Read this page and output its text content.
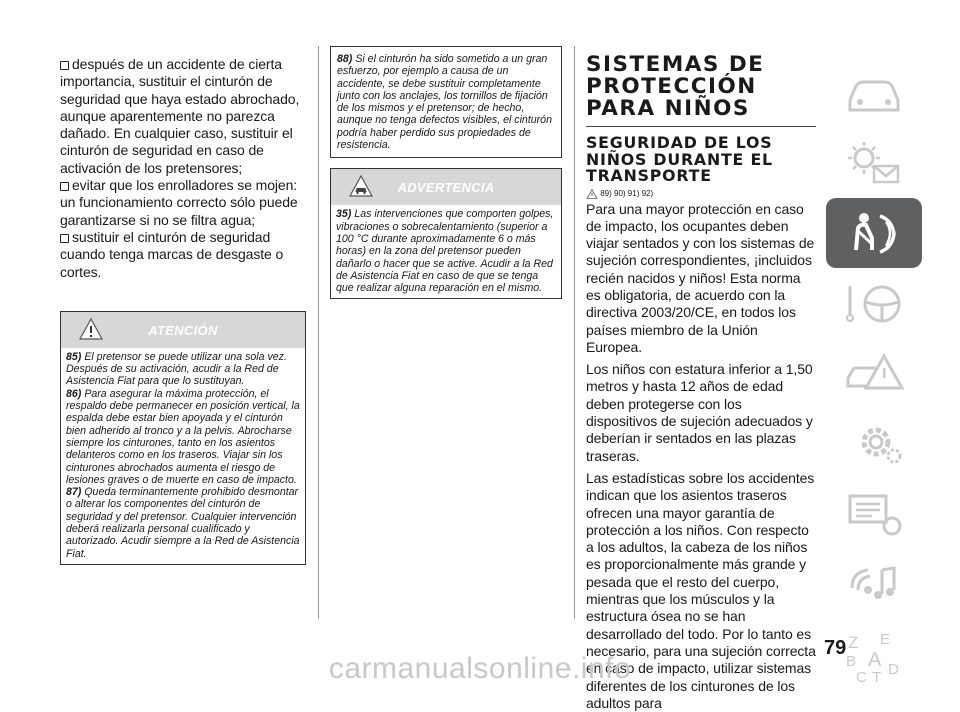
después de un accidente de cierta importancia, sustituir el cinturón de seguridad que haya estado abrochado, aunque aparentemente no parezca dañado. En cualquier caso, sustituir el cinturón de seguridad en caso de activación de los pretensores;
evitar que los enrolladores se mojen: un funcionamiento correcto sólo puede garantizarse si no se filtra agua;
sustituir el cinturón de seguridad cuando tenga marcas de desgaste o cortes.
ATENCIÓN

85) El pretensor se puede utilizar una sola vez. Después de su activación, acudir a la Red de Asistencia Fiat para que lo sustituyan.

86) Para asegurar la máxima protección, el respaldo debe permanecer en posición vertical, la espalda debe estar bien apoyada y el cinturón bien adherido al tronco y a la pelvis. Abrocharse siempre los cinturones, tanto en los asientos delanteros como en los traseros. Viajar sin los cinturones abrochados aumenta el riesgo de lesiones graves o de muerte en caso de impacto.

87) Queda terminantemente prohibido desmontar o alterar los componentes del cinturón de seguridad y del pretensor. Cualquier intervención deberá realizarla personal cualificado y autorizado. Acudir siempre a la Red de Asistencia Fiat.

88) Si el cinturón ha sido sometido a un gran esfuerzo, por ejemplo a causa de un accidente, se debe sustituir completamente junto con los anclajes, los tornillos de fijación de los mismos y el pretensor; de hecho, aunque no tenga defectos visibles, el cinturón podría haber perdido sus propiedades de resistencia.

ADVERTENCIA

35) Las intervenciones que comporten golpes, vibraciones o sobrecalentamiento (superior a 100 °C durante aproximadamente 6 o más horas) en la zona del pretensor pueden dañarlo o hacer que se active. Acudir a la Red de Asistencia Fiat en caso de que se tenga que realizar alguna reparación en el mismo.

SISTEMAS DE PROTECCIÓN PARA NIÑOS
SEGURIDAD DE LOS NIÑOS DURANTE EL TRANSPORTE
89) 90) 91) 92)

Para una mayor protección en caso de impacto, los ocupantes deben viajar sentados y con los sistemas de sujeción correspondientes, ¡incluidos recién nacidos y niños! Esta norma es obligatoria, de acuerdo con la directiva 2003/20/CE, en todos los países miembro de la Unión Europea.

Los niños con estatura inferior a 1,50 metros y hasta 12 años de edad deben protegerse con los dispositivos de sujeción adecuados y deberían ir sentados en las plazas traseras.

Las estadísticas sobre los accidentes indican que los asientos traseros ofrecen una mayor garantía de protección a los niños. Con respecto a los adultos, la cabeza de los niños es proporcionalmente más grande y pesada que el resto del cuerpo, mientras que los músculos y la estructura ósea no se han desarrollado del todo. Por lo tanto es necesario, para una sujeción correcta en caso de impacto, utilizar sistemas diferentes de los cinturones de los adultos para

Z E
B A
C T D
79
carmanualsonline.info
